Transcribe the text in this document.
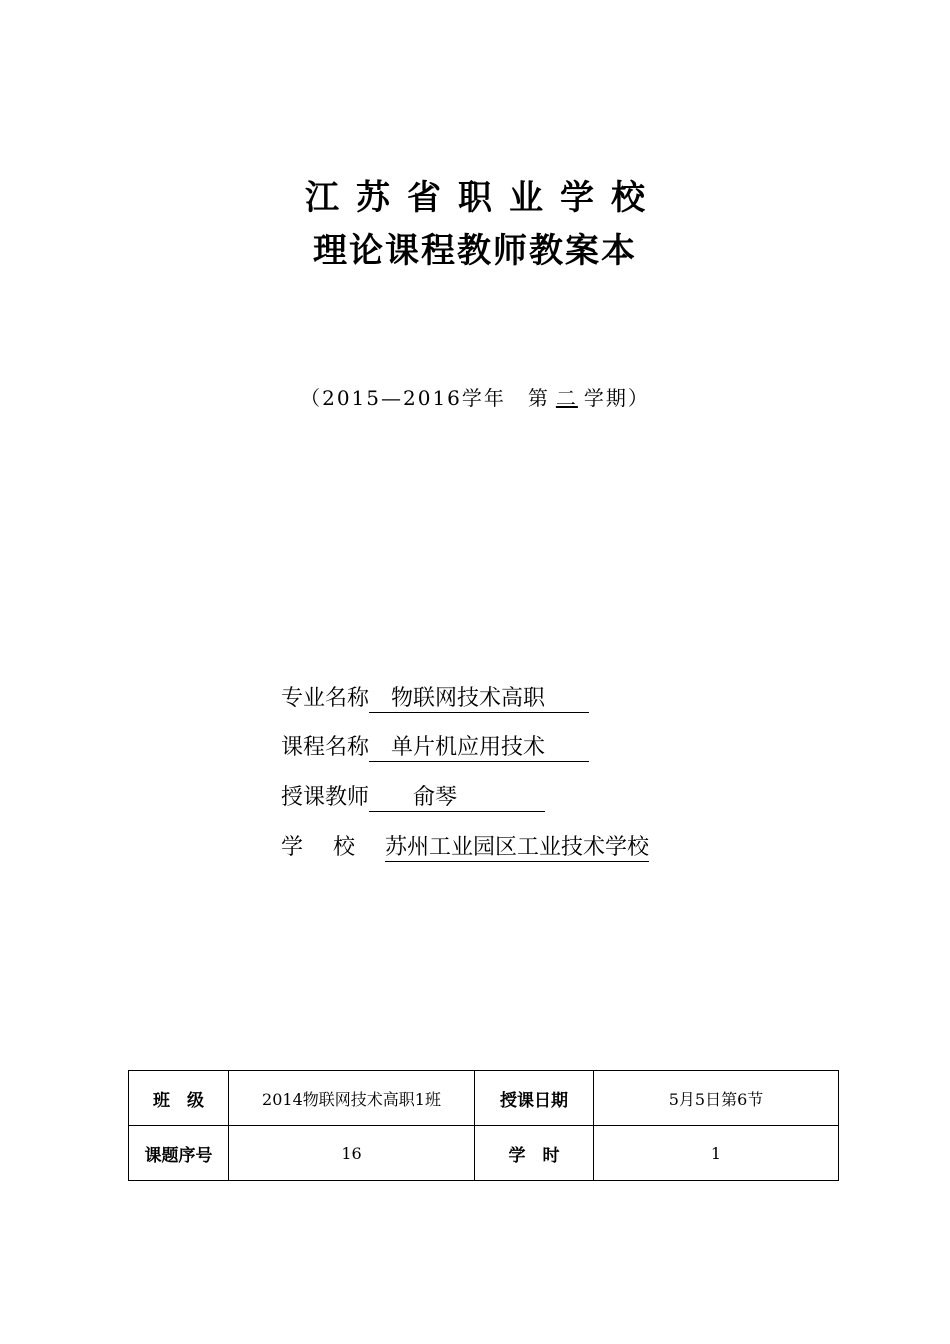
江苏省职业学校
理论课程教师教案本
（2015—2016学年　第 二 学期）
专业名称　物联网技术高职　　
课程名称　单片机应用技术　　
授课教师　　俞琴　　　　
学校苏州工业园区工业技术学校
班　级	2014物联网技术高职1班	授课日期	5月5日第6节
课题序号	16	学　时	1
